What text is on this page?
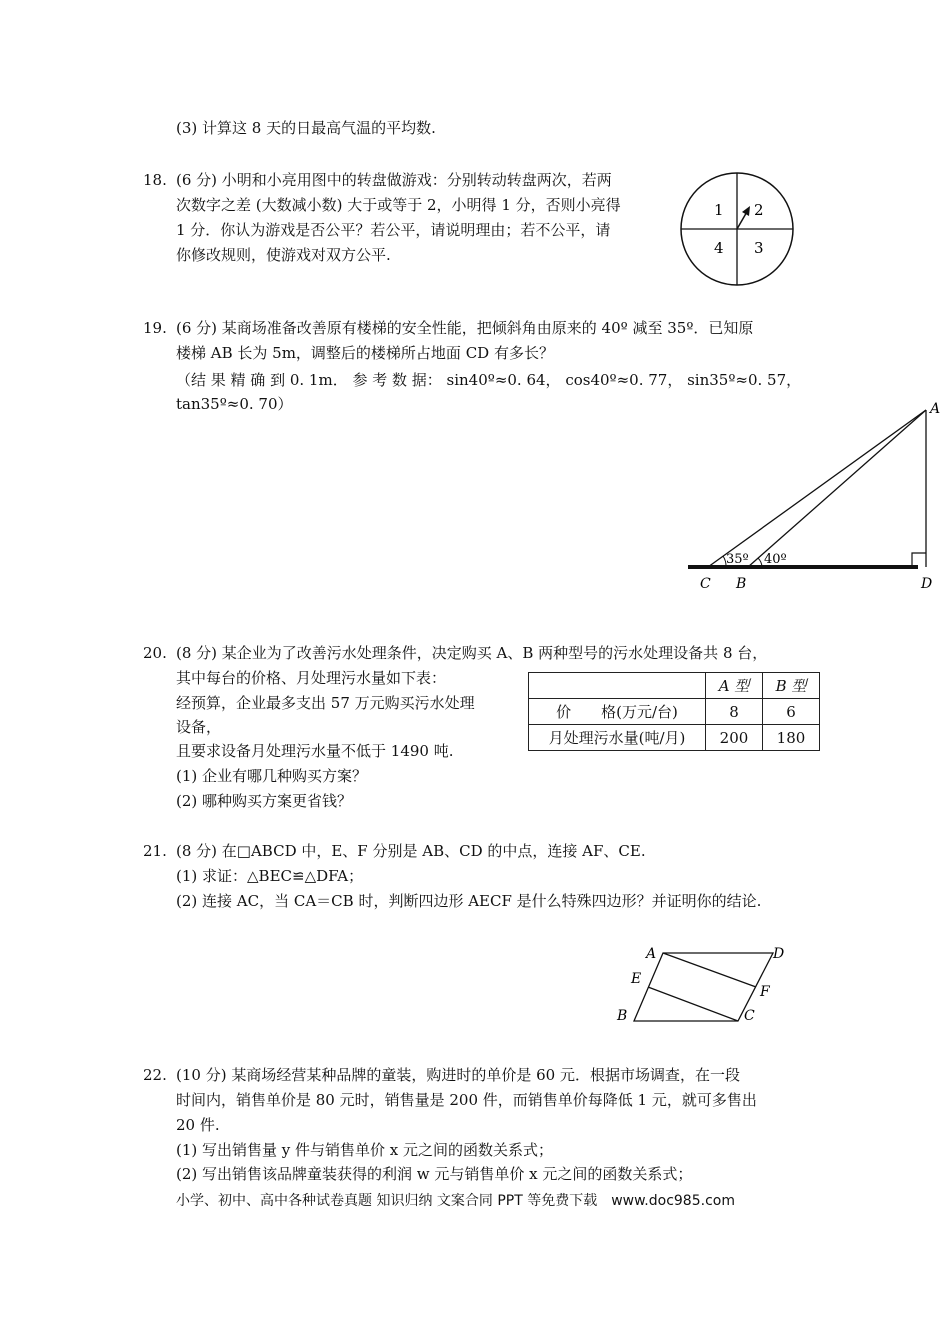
(3) 计算这 8 天的日最高气温的平均数.
18. (6 分) 小明和小亮用图中的转盘做游戏：分别转动转盘两次，若两
次数字之差 (大数减小数) 大于或等于 2，小明得 1 分，否则小亮得
1 分．你认为游戏是否公平？若公平，请说明理由；若不公平，请
你修改规则，使游戏对双方公平.
1 2
4 3
19. (6 分) 某商场准备改善原有楼梯的安全性能，把倾斜角由原来的 40º 减至 35º．已知原
楼梯 AB 长为 5m，调整后的楼梯所占地面 CD 有多长？
（结 果 精 确 到 0. 1m． 参 考 数 据： sin40º≈0. 64， cos40º≈0. 77， sin35º≈0. 57，
tan35º≈0. 70）	A
C B	D
35º 40º
20. (8 分) 某企业为了改善污水处理条件，决定购买 A、B 两种型号的污水处理设备共 8 台，
其中每台的价格、月处理污水量如下表：
经预算，企业最多支出 57 万元购买污水处理
设备，
且要求设备月处理污水量不低于 1490 吨.
(1) 企业有哪几种购买方案？
(2) 哪种购买方案更省钱？
	A 型	B 型
价　　格(万元/台)	8	6
月处理污水量(吨/月)	200	180
21. (8 分) 在□ABCD 中，E、F 分别是 AB、CD 的中点，连接 AF、CE.
(1) 求证：△BEC≌△DFA；
(2) 连接 AC，当 CA＝CB 时，判断四边形 AECF 是什么特殊四边形？并证明你的结论.
A	D
E
F
B	C
22. (10 分) 某商场经营某种品牌的童装，购进时的单价是 60 元．根据市场调查，在一段
时间内，销售单价是 80 元时，销售量是 200 件，而销售单价每降低 1 元，就可多售出
20 件.
(1) 写出销售量 y 件与销售单价 x 元之间的函数关系式；
(2) 写出销售该品牌童装获得的利润 w 元与销售单价 x 元之间的函数关系式；
小学、初中、高中各种试卷真题 知识归纳 文案合同 PPT 等免费下载　www.doc985.com
